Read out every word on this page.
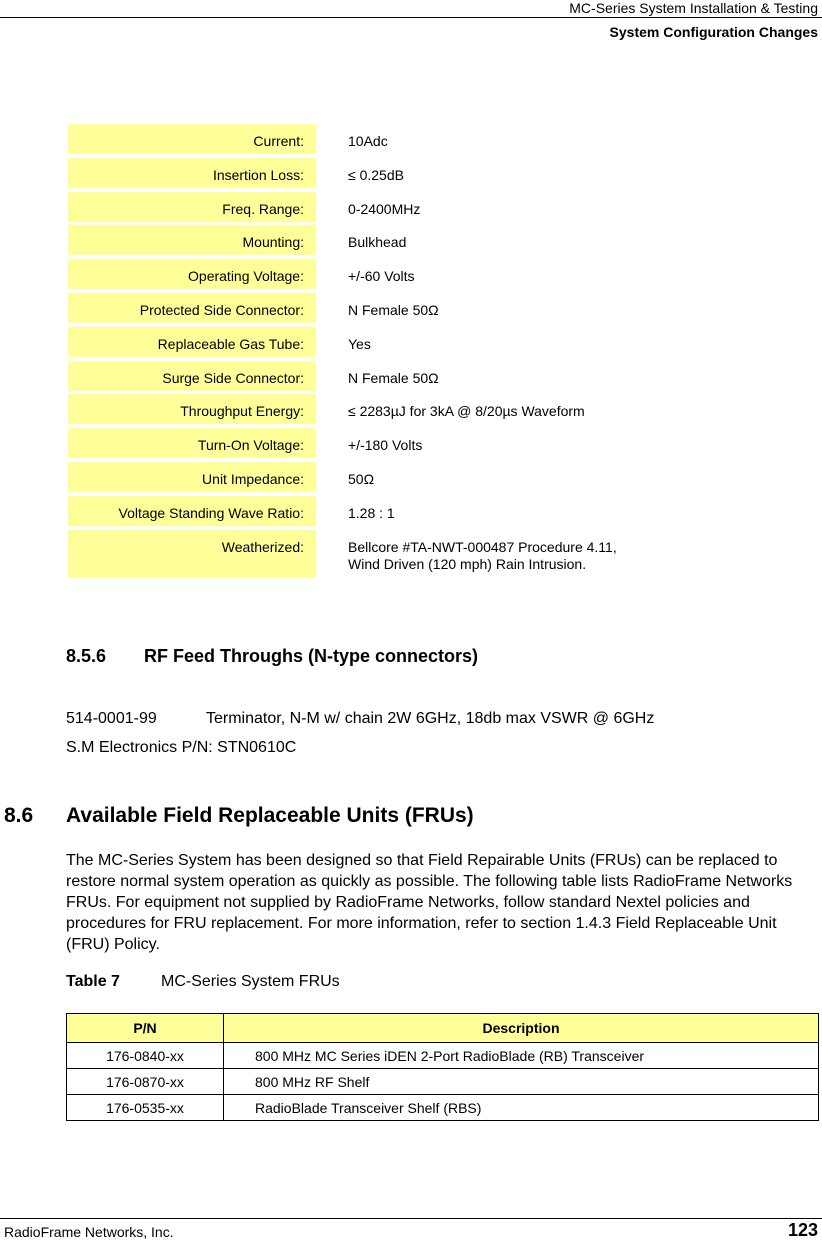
MC-Series System Installation & Testing
System Configuration Changes
Current:	10Adc
Insertion Loss:	≤ 0.25dB
Freq. Range:	0-2400MHz
Mounting:	Bulkhead
Operating Voltage:	+/-60 Volts
Protected Side Connector:	N Female 50Ω
Replaceable Gas Tube:	Yes
Surge Side Connector:	N Female 50Ω
Throughput Energy:	≤ 2283µJ for 3kA @ 8/20µs Waveform
Turn-On Voltage:	+/-180 Volts
Unit Impedance:	50Ω
Voltage Standing Wave Ratio:	1.28 : 1
Weatherized:	Bellcore #TA-NWT-000487 Procedure 4.11,
Wind Driven (120 mph) Rain Intrusion.
8.5.6 RF Feed Throughs (N-type connectors)
514-0001-99	Terminator, N-M w/ chain 2W 6GHz, 18db max VSWR @ 6GHz
S.M Electronics P/N: STN0610C
8.6 Available Field Replaceable Units (FRUs)
The MC-Series System has been designed so that Field Repairable Units (FRUs) can be replaced to restore normal system operation as quickly as possible. The following table lists RadioFrame Networks FRUs. For equipment not supplied by RadioFrame Networks, follow standard Nextel policies and procedures for FRU replacement. For more information, refer to section 1.4.3 Field Replaceable Unit (FRU) Policy.
Table 7	MC-Series System FRUs
P/N	Description
176-0840-xx	800 MHz MC Series iDEN 2-Port RadioBlade (RB) Transceiver
176-0870-xx	800 MHz RF Shelf
176-0535-xx	RadioBlade Transceiver Shelf (RBS)
RadioFrame Networks, Inc.	123
